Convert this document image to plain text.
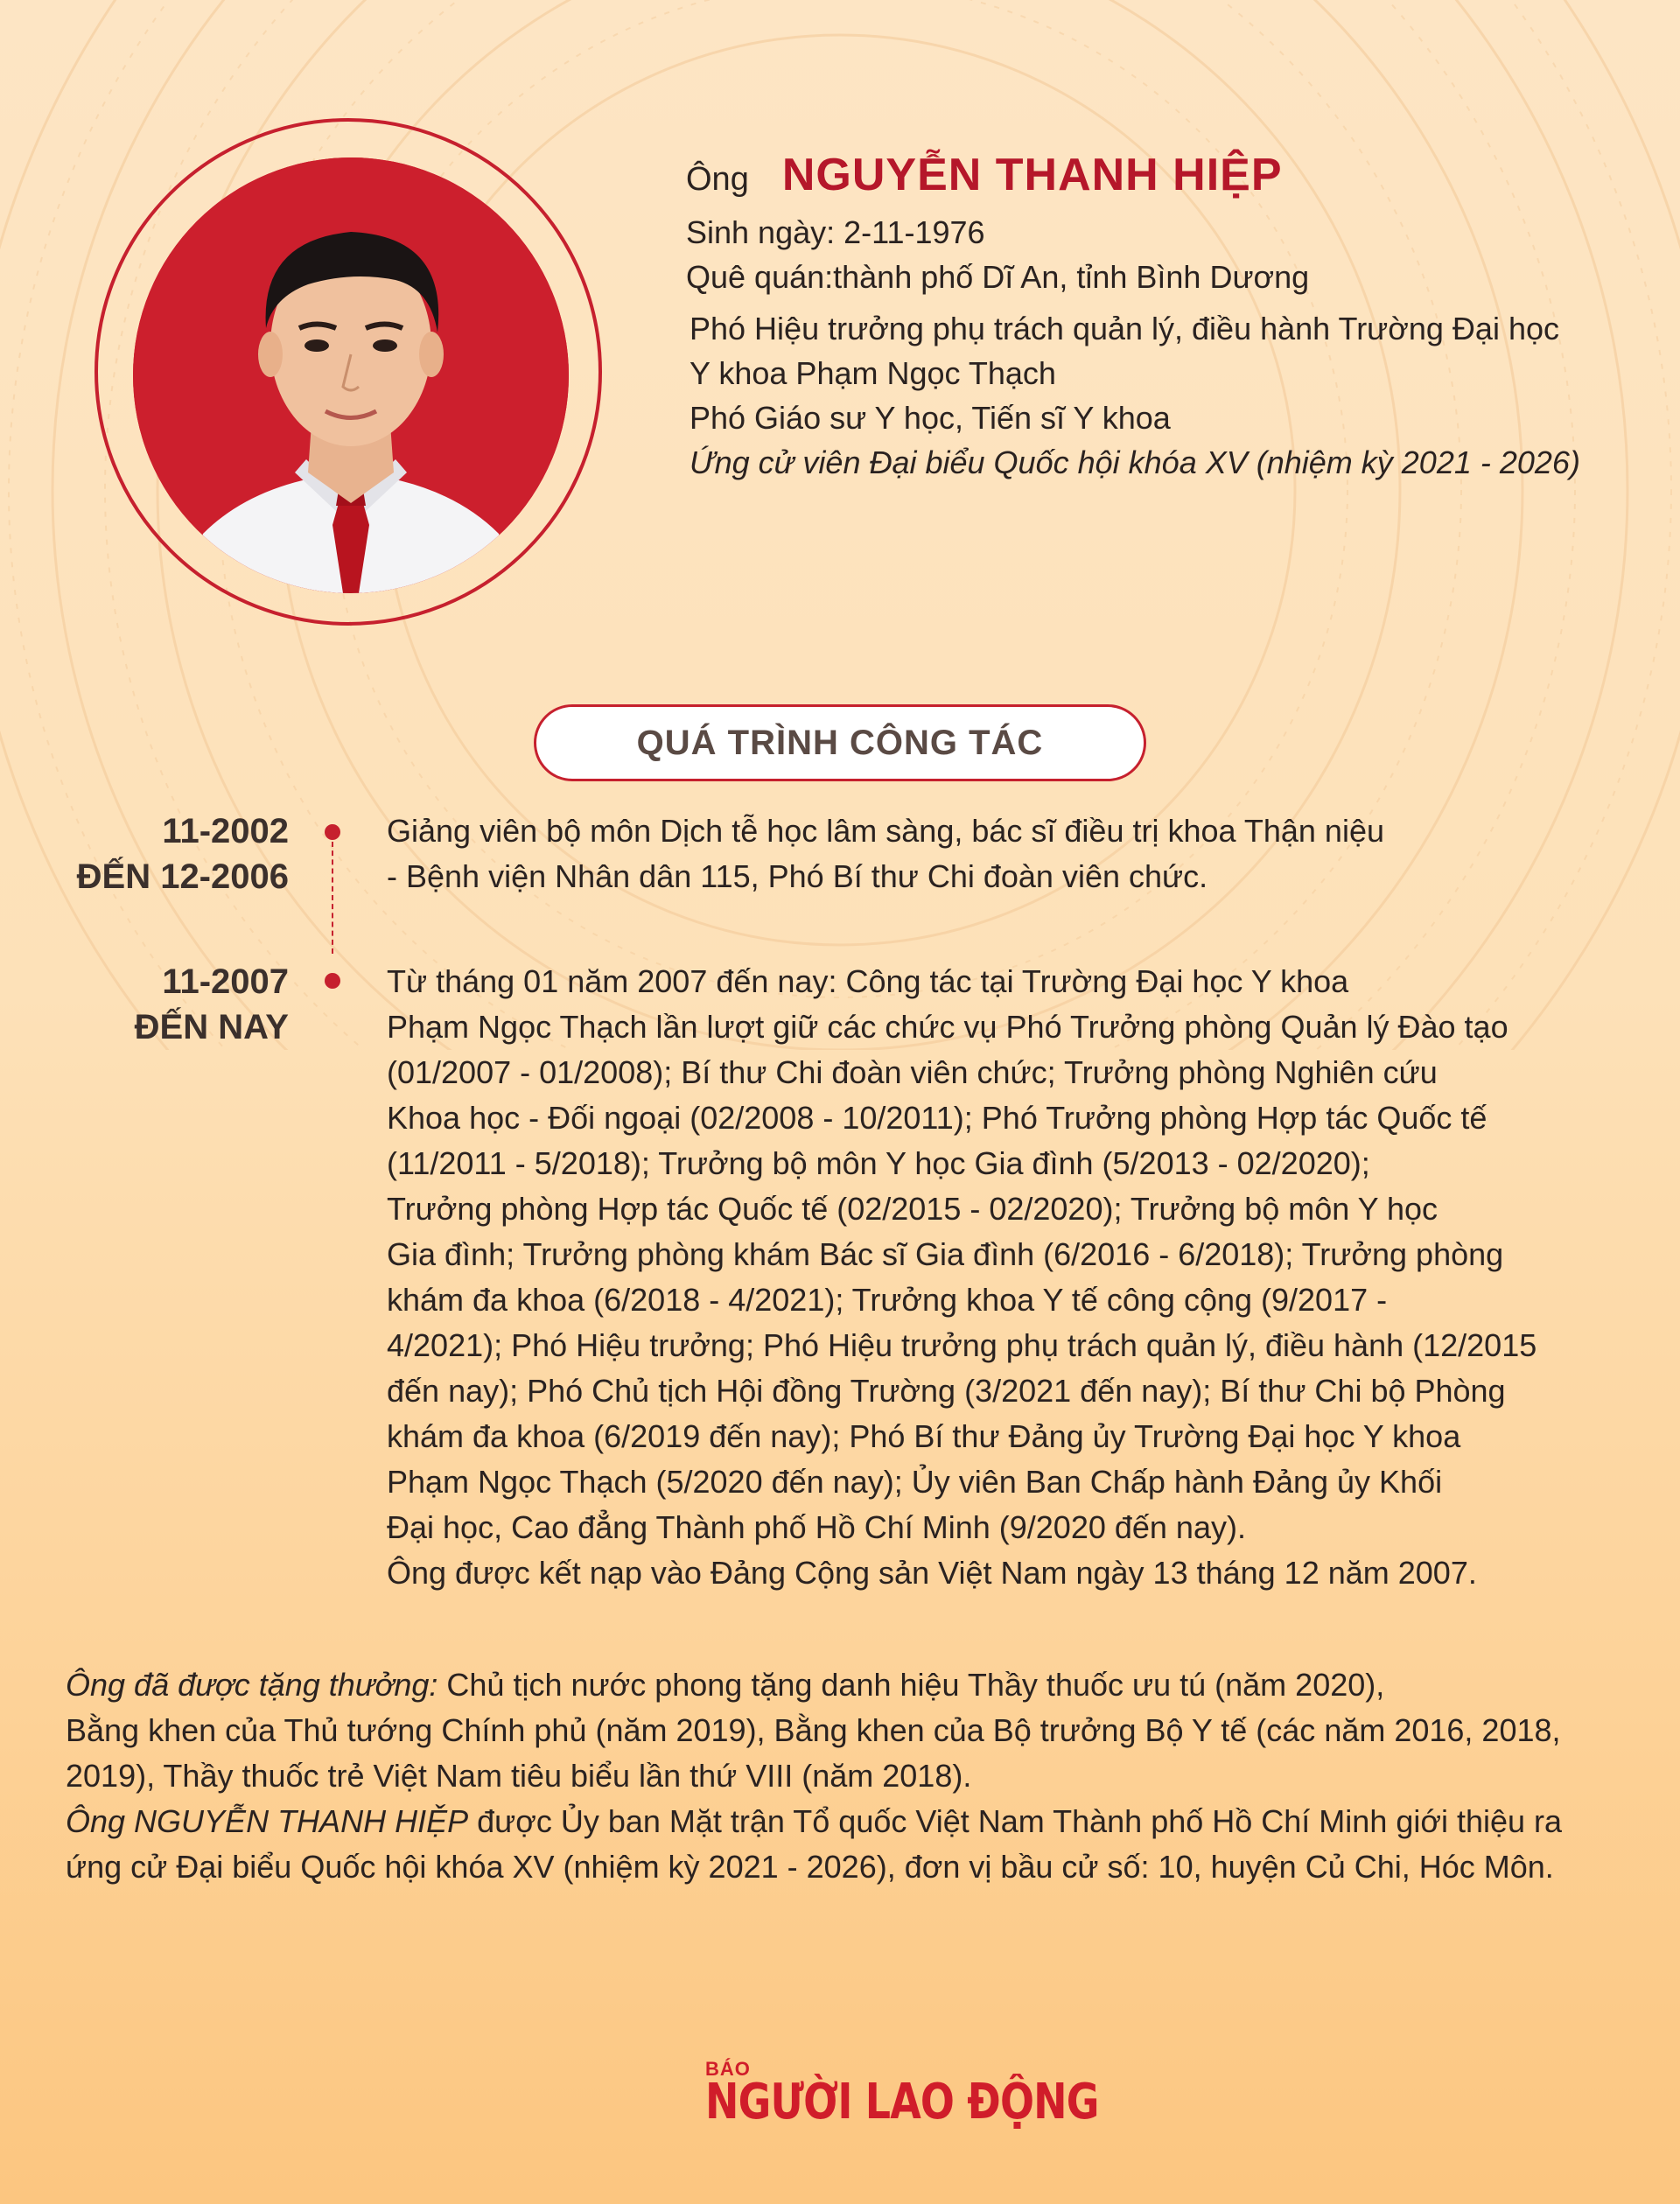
Ông NGUYỄN THANH HIỆP
Sinh ngày: 2-11-1976
Quê quán:thành phố Dĩ An, tỉnh Bình Dương
Phó Hiệu trưởng phụ trách quản lý, điều hành Trường Đại học
Y khoa Phạm Ngọc Thạch
Phó Giáo sư Y học, Tiến sĩ Y khoa
Ứng cử viên Đại biểu Quốc hội khóa XV (nhiệm kỳ 2021 - 2026)
QUÁ TRÌNH CÔNG TÁC
11-2002
ĐẾN 12-2006
Giảng viên bộ môn Dịch tễ học lâm sàng, bác sĩ điều trị khoa Thận niệu
- Bệnh viện Nhân dân 115, Phó Bí thư Chi đoàn viên chức.
11-2007
ĐẾN NAY
Từ tháng 01 năm 2007 đến nay: Công tác tại Trường Đại học Y khoa
Phạm Ngọc Thạch lần lượt giữ các chức vụ Phó Trưởng phòng Quản lý Đào tạo
(01/2007 - 01/2008); Bí thư Chi đoàn viên chức; Trưởng phòng Nghiên cứu
Khoa học - Đối ngoại (02/2008 - 10/2011); Phó Trưởng phòng Hợp tác Quốc tế
(11/2011 - 5/2018); Trưởng bộ môn Y học Gia đình (5/2013 - 02/2020);
Trưởng phòng Hợp tác Quốc tế (02/2015 - 02/2020); Trưởng bộ môn Y học
Gia đình; Trưởng phòng khám Bác sĩ Gia đình (6/2016 - 6/2018); Trưởng phòng
khám đa khoa (6/2018 - 4/2021); Trưởng khoa Y tế công cộng (9/2017 -
4/2021); Phó Hiệu trưởng; Phó Hiệu trưởng phụ trách quản lý, điều hành (12/2015
đến nay); Phó Chủ tịch Hội đồng Trường (3/2021 đến nay); Bí thư Chi bộ Phòng
khám đa khoa (6/2019 đến nay); Phó Bí thư Đảng ủy Trường Đại học Y khoa
Phạm Ngọc Thạch (5/2020 đến nay); Ủy viên Ban Chấp hành Đảng ủy Khối
Đại học, Cao đẳng Thành phố Hồ Chí Minh (9/2020 đến nay).
Ông được kết nạp vào Đảng Cộng sản Việt Nam ngày 13 tháng 12 năm 2007.
Ông đã được tặng thưởng: Chủ tịch nước phong tặng danh hiệu Thầy thuốc ưu tú (năm 2020),
Bằng khen của Thủ tướng Chính phủ (năm 2019), Bằng khen của Bộ trưởng Bộ Y tế (các năm 2016, 2018,
2019), Thầy thuốc trẻ Việt Nam tiêu biểu lần thứ VIII (năm 2018).
Ông NGUYỄN THANH HIỆP được Ủy ban Mặt trận Tổ quốc Việt Nam Thành phố Hồ Chí Minh giới thiệu ra
ứng cử Đại biểu Quốc hội khóa XV (nhiệm kỳ 2021 - 2026), đơn vị bầu cử số: 10, huyện Củ Chi, Hóc Môn.
BÁO
NGƯỜI LAO ĐỘNG
